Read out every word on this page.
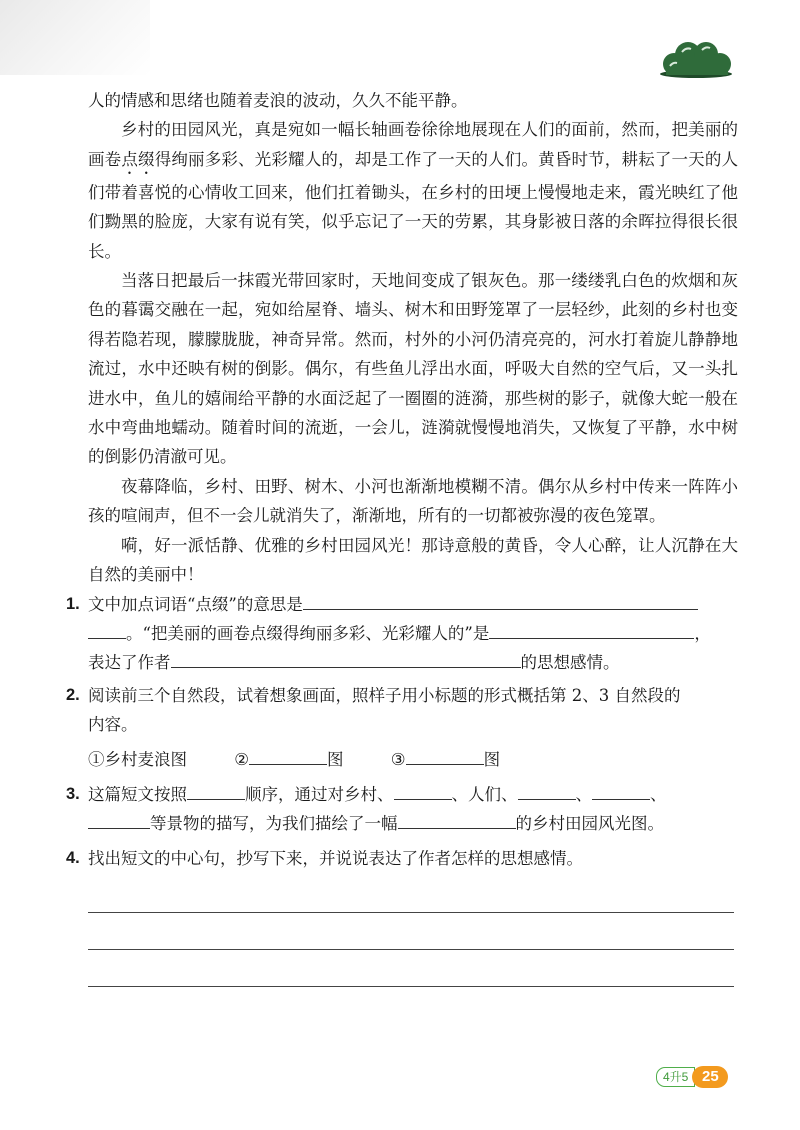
人的情感和思绪也随着麦浪的波动，久久不能平静。

乡村的田园风光，真是宛如一幅长轴画卷徐徐地展现在人们的面前，然而，把美丽的画卷点缀得绚丽多彩、光彩耀人的，却是工作了一天的人们。黄昏时节，耕耘了一天的人们带着喜悦的心情收工回来，他们扛着锄头，在乡村的田埂上慢慢地走来，霞光映红了他们黝黑的脸庞，大家有说有笑，似乎忘记了一天的劳累，其身影被日落的余晖拉得很长很长。

当落日把最后一抹霞光带回家时，天地间变成了银灰色。那一缕缕乳白色的炊烟和灰色的暮霭交融在一起，宛如给屋脊、墙头、树木和田野笼罩了一层轻纱，此刻的乡村也变得若隐若现，朦朦胧胧，神奇异常。然而，村外的小河仍清亮亮的，河水打着旋儿静静地流过，水中还映有树的倒影。偶尔，有些鱼儿浮出水面，呼吸大自然的空气后，又一头扎进水中，鱼儿的嬉闹给平静的水面泛起了一圈圈的涟漪，那些树的影子，就像大蛇一般在水中弯曲地蠕动。随着时间的流逝，一会儿，涟漪就慢慢地消失，又恢复了平静，水中树的倒影仍清澈可见。

夜幕降临，乡村、田野、树木、小河也渐渐地模糊不清。偶尔从乡村中传来一阵阵小孩的喧闹声，但不一会儿就消失了，渐渐地，所有的一切都被弥漫的夜色笼罩。

嗬，好一派恬静、优雅的乡村田园风光！那诗意般的黄昏，令人心醉，让人沉静在大自然的美丽中！

1. 文中加点词语“点缀”的意思是
。“把美丽的画卷点缀得绚丽多彩、光彩耀人的”是	，
表达了作者	的思想感情。
2. 阅读前三个自然段，试着想象画面，照样子用小标题的形式概括第 2、3 自然段的
内容。
①乡村麦浪图	②	图	③	图
3. 这篇短文按照	顺序，通过对乡村、	、人们、	、	、
等景物的描写，为我们描绘了一幅	的乡村田园风光图。
4. 找出短文的中心句，抄写下来，并说说表达了作者怎样的思想感情。
4升5 25
